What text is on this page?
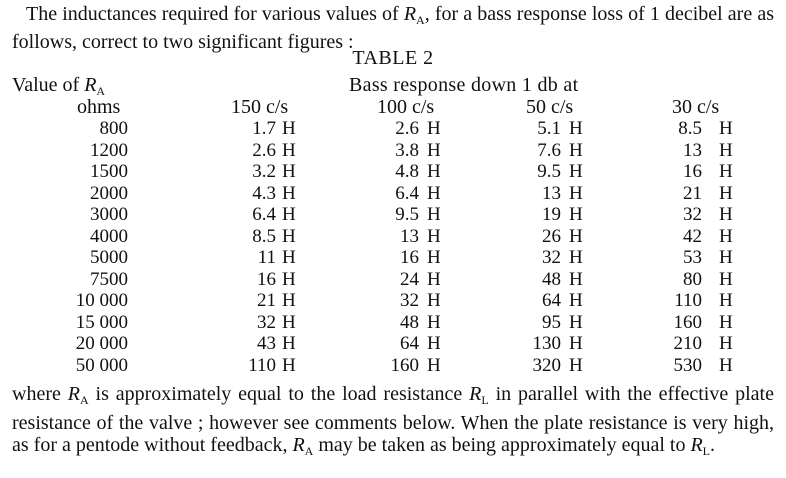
The inductances required for various values of $R_A$, for a bass response loss of 1 decibel are as follows, correct to two significant figures :

TABLE 2
Value of $R_A$	Bass response down 1 db at
ohms	150 c/s	100 c/s	50 c/s	30 c/s
800	1.7 H	2.6 H	5.1 H	8.5 H
1200	2.6 H	3.8 H	7.6 H	13 H
1500	3.2 H	4.8 H	9.5 H	16 H
2000	4.3 H	6.4 H	13 H	21 H
3000	6.4 H	9.5 H	19 H	32 H
4000	8.5 H	13 H	26 H	42 H
5000	11 H	16 H	32 H	53 H
7500	16 H	24 H	48 H	80 H
10 000	21 H	32 H	64 H	110 H
15 000	32 H	48 H	95 H	160 H
20 000	43 H	64 H	130 H	210 H
50 000	110 H	160 H	320 H	530 H

where $R_A$ is approximately equal to the load resistance $R_L$ in parallel with the effective plate resistance of the valve ; however see comments below. When the plate resistance is very high, as for a pentode without feedback, $R_A$ may be taken as being approximately equal to $R_L$.
